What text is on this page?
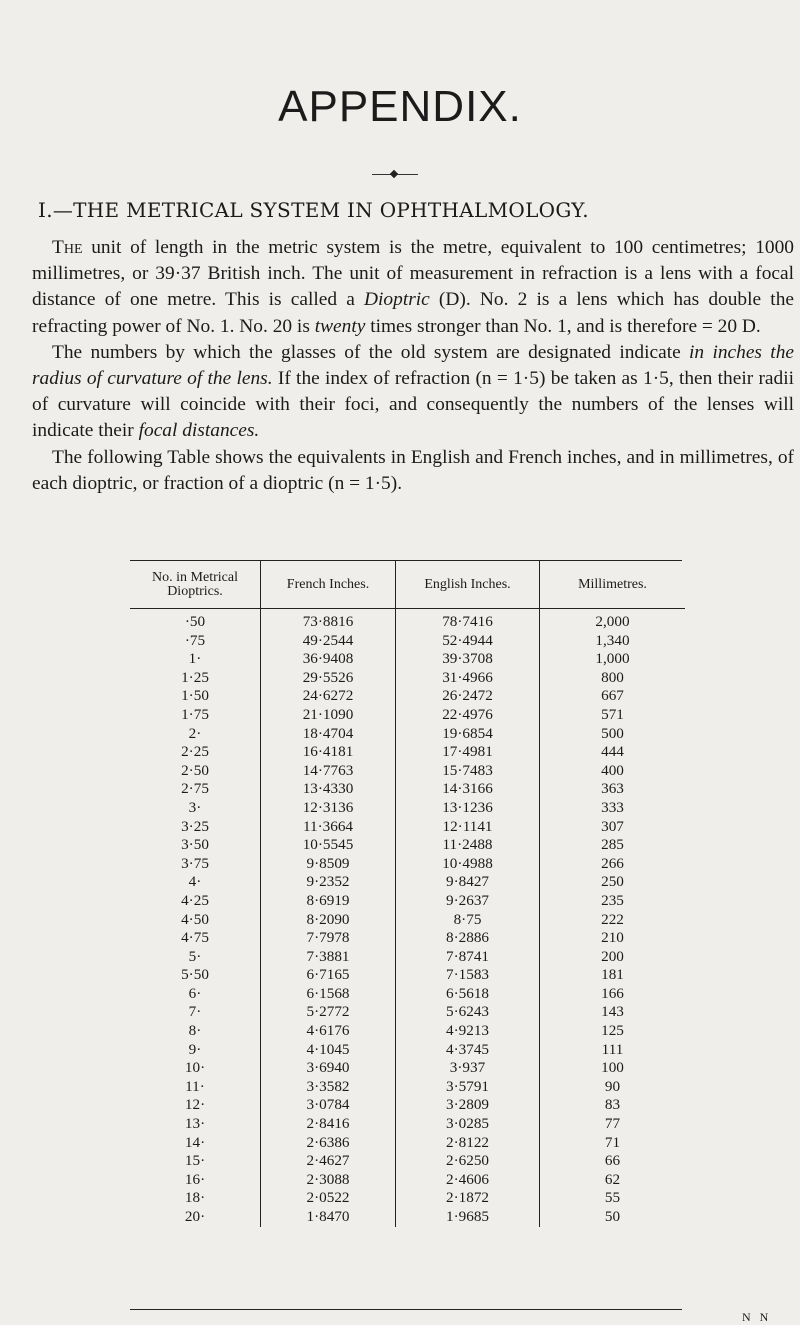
APPENDIX.
I.—THE METRICAL SYSTEM IN OPHTHALMOLOGY.

The unit of length in the metric system is the metre, equivalent to 100 centimetres; 1000 millimetres, or 39·37 British inch. The unit of measurement in refraction is a lens with a focal distance of one metre. This is called a Dioptric (D). No. 2 is a lens which has double the refracting power of No. 1. No. 20 is twenty times stronger than No. 1, and is therefore = 20 D.

The numbers by which the glasses of the old system are designated indicate in inches the radius of curvature of the lens. If the index of refraction (n = 1·5) be taken as 1·5, then their radii of curvature will coincide with their foci, and consequently the numbers of the lenses will indicate their focal distances.

The following Table shows the equivalents in English and French inches, and in millimetres, of each dioptric, or fraction of a dioptric (n = 1·5).

No. in Metrical Dioptrics.	French Inches.	English Inches.	Millimetres.
·50	73·8816	78·7416	2,000
·75	49·2544	52·4944	1,340
1·	36·9408	39·3708	1,000
1·25	29·5526	31·4966	800
1·50	24·6272	26·2472	667
1·75	21·1090	22·4976	571
2·	18·4704	19·6854	500
2·25	16·4181	17·4981	444
2·50	14·7763	15·7483	400
2·75	13·4330	14·3166	363
3·	12·3136	13·1236	333
3·25	11·3664	12·1141	307
3·50	10·5545	11·2488	285
3·75	9·8509	10·4988	266
4·	9·2352	9·8427	250
4·25	8·6919	9·2637	235
4·50	8·2090	8·75	222
4·75	7·7978	8·2886	210
5·	7·3881	7·8741	200
5·50	6·7165	7·1583	181
6·	6·1568	6·5618	166
7·	5·2772	5·6243	143
8·	4·6176	4·9213	125
9·	4·1045	4·3745	111
10·	3·6940	3·937	100
11·	3·3582	3·5791	90
12·	3·0784	3·2809	83
13·	2·8416	3·0285	77
14·	2·6386	2·8122	71
15·	2·4627	2·6250	66
16·	2·3088	2·4606	62
18·	2·0522	2·1872	55
20·	1·8470	1·9685	50
N N
